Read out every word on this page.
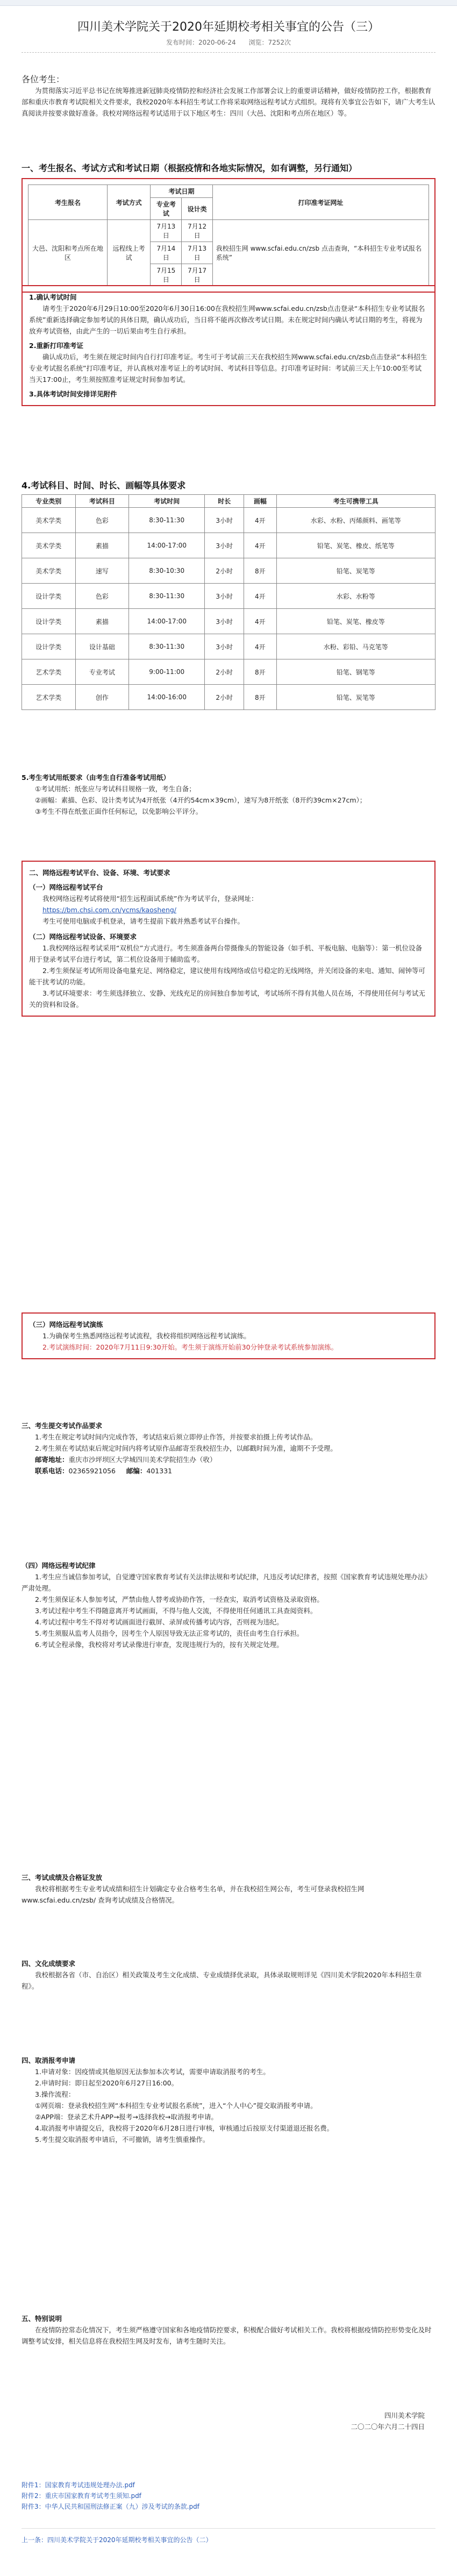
四川美术学院关于2020年延期校考相关事宜的公告（三）
发布时间：2020-06-24 浏览：7252次

各位考生：

为贯彻落实习近平总书记在统筹推进新冠肺炎疫情防控和经济社会发展工作部署会议上的重要讲话精神，做好疫情防控工作，根据教育部和重庆市教育考试院相关文件要求，我校2020年本科招生考试工作将采取网络远程考试方式组织。现将有关事宜公告如下，请广大考生认真阅读并按要求做好准备。我校对网络远程考试适用于以下地区考生：四川（大邑、沈阳和考点所在地区）等。

一、考生报名、考试方式和考试日期（根据疫情和各地实际情况，如有调整，另行通知）

考生报名	考试方式	考试日期		打印准考证网址
		专业考试	设计类	
大邑、沈阳和考点所在地区	远程线上考试	7月13日	7月12日	我校招生网 www.scfai.edu.cn/zsb 点击查询，“本科招生专业考试报名系统”
		7月14日	7月13日	
		7月15日	7月17日	

1.确认考试时间

请考生于2020年6月29日10:00至2020年6月30日16:00在我校招生网www.scfai.edu.cn/zsb点击登录“本科招生专业考试报名系统”重新选择确定参加考试的具体日期，确认成功后，当日将不能再次修改考试日期。未在规定时间内确认考试日期的考生，将视为放弃考试资格，由此产生的一切后果由考生自行承担。

2.重新打印准考证

确认成功后，考生须在规定时间内自行打印准考证。考生可于考试前三天在我校招生网www.scfai.edu.cn/zsb点击登录“本科招生专业考试报名系统”打印准考证，并认真核对准考证上的考试时间、考试科目等信息。打印准考证时间：考试前三天上午10:00至考试当天17:00止，考生须按照准考证规定时间参加考试。

3.具体考试时间安排详见附件

4.考试科目、时间、时长、画幅等具体要求

专业类别	考试科目	考试时间	时长	画幅	考生可携带工具
美术学类	色彩	8:30-11:30	3小时	4开	水彩、水粉、丙烯颜料、画笔等
美术学类	素描	14:00-17:00	3小时	4开	铅笔、炭笔、橡皮、纸笔等
美术学类	速写	8:30-10:30	2小时	8开	铅笔、炭笔等
设计学类	色彩	8:30-11:30	3小时	4开	水彩、水粉等
设计学类	素描	14:00-17:00	3小时	4开	铅笔、炭笔、橡皮等
设计学类	设计基础	8:30-11:30	3小时	4开	水粉、彩铅、马克笔等
艺术学类	专业考试	9:00-11:00	2小时	8开	铅笔、钢笔等
艺术学类	创作	14:00-16:00	2小时	8开	铅笔、炭笔等

5.考生考试用纸要求（由考生自行准备考试用纸）

①考试用纸：纸张应与考试科目规格一致，考生自备；

②画幅：素描、色彩、设计类考试为4开纸张（4开约54cm×39cm），速写为8开纸张（8开约39cm×27cm）；

③考生不得在纸张正面作任何标记，以免影响公平评分。

二、网络远程考试平台、设备、环境、考试要求

（一）网络远程考试平台

我校网络远程考试将使用“招生远程面试系统”作为考试平台，登录网址：

https://bm.chsi.com.cn/ycms/kaosheng/

考生可使用电脑或手机登录，请考生提前下载并熟悉考试平台操作。

（二）网络远程考试设备、环境要求

1.我校网络远程考试采用“双机位”方式进行。考生须准备两台带摄像头的智能设备（如手机、平板电脑、电脑等）：第一机位设备用于登录考试平台进行考试，第二机位设备用于辅助监考。

2.考生须保证考试所用设备电量充足、网络稳定，建议使用有线网络或信号稳定的无线网络，并关闭设备的来电、通知、闹钟等可能干扰考试的功能。

3.考试环境要求：考生须选择独立、安静、光线充足的房间独自参加考试，考试场所不得有其他人员在场，不得使用任何与考试无关的资料和设备。

（三）网络远程考试演练

1.为确保考生熟悉网络远程考试流程，我校将组织网络远程考试演练。

2.考试演练时间：2020年7月11日9:30开始。考生须于演练开始前30分钟登录考试系统参加演练。

三、考生提交考试作品要求

1.考生在规定考试时间内完成作答，考试结束后须立即停止作答，并按要求拍摄上传考试作品。

2.考生须在考试结束后规定时间内将考试原作品邮寄至我校招生办，以邮戳时间为准，逾期不予受理。

邮寄地址：重庆市沙坪坝区大学城四川美术学院招生办（收）

联系电话：02365921056 邮编：401331

（四）网络远程考试纪律

1.考生应当诚信参加考试，自觉遵守国家教育考试有关法律法规和考试纪律，凡违反考试纪律者，按照《国家教育考试违规处理办法》严肃处理。

2.考生须保证本人参加考试，严禁由他人替考或协助作答，一经查实，取消考试资格及录取资格。

3.考试过程中考生不得随意离开考试画面，不得与他人交流，不得使用任何通讯工具查阅资料。

4.考试过程中考生不得对考试画面进行截屏、录屏或传播考试内容，否则视为违纪。

5.考生须服从监考人员指令，因考生个人原因导致无法正常考试的，责任由考生自行承担。

6.考试全程录像，我校将对考试录像进行审查，发现违规行为的，按有关规定处理。

三、考试成绩及合格证发放

我校将根据考生专业考试成绩和招生计划确定专业合格考生名单，并在我校招生网公布，考生可登录我校招生网 www.scfai.edu.cn/zsb/ 查询考试成绩及合格情况。

四、文化成绩要求

我校根据各省（市、自治区）相关政策及考生文化成绩、专业成绩择优录取，具体录取规则详见《四川美术学院2020年本科招生章程》。

四、取消报考申请

1.申请对象：因疫情或其他原因无法参加本次考试，需要申请取消报考的考生。

2.申请时间：即日起至2020年6月27日16:00。

3.操作流程：

①网页端：登录我校招生网“本科招生专业考试报名系统”，进入“个人中心”提交取消报考申请。

②APP端：登录艺术升APP→报考→选择我校→取消报考申请。

4.取消报考申请提交后，我校将于2020年6月28日进行审核，审核通过后按原支付渠道退还报名费。

5.考生提交取消报考申请后，不可撤销，请考生慎重操作。

五、特别说明

在疫情防控常态化情况下，考生须严格遵守国家和各地疫情防控要求，积极配合做好考试相关工作。我校将根据疫情防控形势变化及时调整考试安排，相关信息将在我校招生网及时发布，请考生随时关注。

四川美术学院

二〇二〇年六月二十四日

附件1：国家教育考试违规处理办法.pdf
附件2：重庆市国家教育考试考生须知.pdf
附件3：中华人民共和国刑法修正案（九）涉及考试的条款.pdf
上一条：四川美术学院关于2020年延期校考相关事宜的公告（二）
